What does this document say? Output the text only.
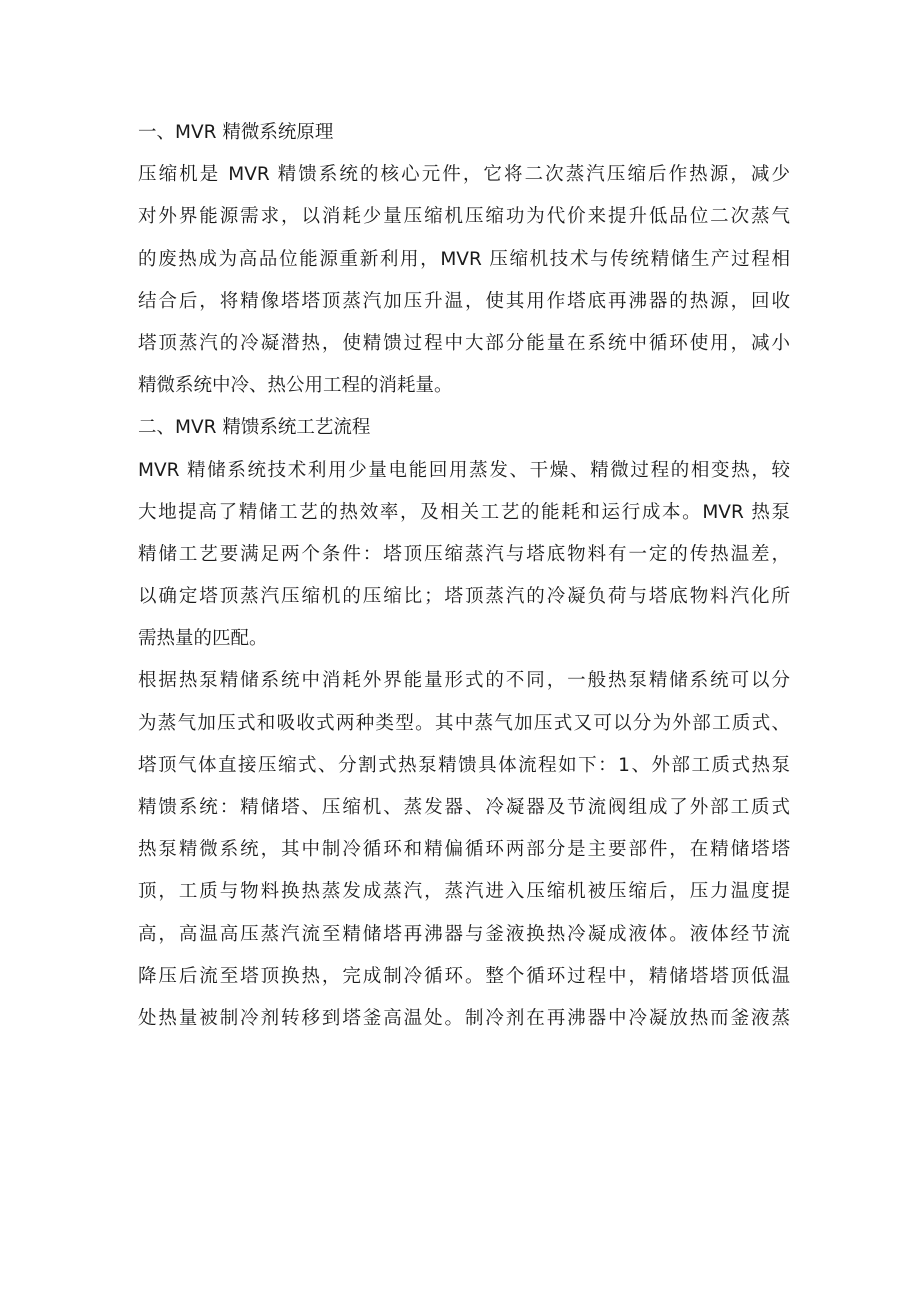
一、MVR 精微系统原理
压缩机是 MVR 精馈系统的核心元件，它将二次蒸汽压缩后作热源，减少
对外界能源需求，以消耗少量压缩机压缩功为代价来提升低品位二次蒸气
的废热成为高品位能源重新利用，MVR 压缩机技术与传统精储生产过程相
结合后，将精像塔塔顶蒸汽加压升温，使其用作塔底再沸器的热源，回收
塔顶蒸汽的冷凝潜热，使精馈过程中大部分能量在系统中循环使用，减小
精微系统中冷、热公用工程的消耗量。
二、MVR 精馈系统工艺流程
MVR 精储系统技术利用少量电能回用蒸发、干燥、精微过程的相变热，较
大地提高了精储工艺的热效率，及相关工艺的能耗和运行成本。MVR 热泵
精储工艺要满足两个条件：塔顶压缩蒸汽与塔底物料有一定的传热温差，
以确定塔顶蒸汽压缩机的压缩比；塔顶蒸汽的冷凝负荷与塔底物料汽化所
需热量的匹配。
根据热泵精储系统中消耗外界能量形式的不同，一般热泵精储系统可以分
为蒸气加压式和吸收式两种类型。其中蒸气加压式又可以分为外部工质式、
塔顶气体直接压缩式、分割式热泵精馈具体流程如下：1、外部工质式热泵
精馈系统：精储塔、压缩机、蒸发器、冷凝器及节流阀组成了外部工质式
热泵精微系统，其中制冷循环和精偏循环两部分是主要部件，在精储塔塔
顶，工质与物料换热蒸发成蒸汽，蒸汽进入压缩机被压缩后，压力温度提
高，高温高压蒸汽流至精储塔再沸器与釜液换热冷凝成液体。液体经节流
降压后流至塔顶换热，完成制冷循环。整个循环过程中，精储塔塔顶低温
处热量被制冷剂转移到塔釜高温处。制冷剂在再沸器中冷凝放热而釜液蒸
